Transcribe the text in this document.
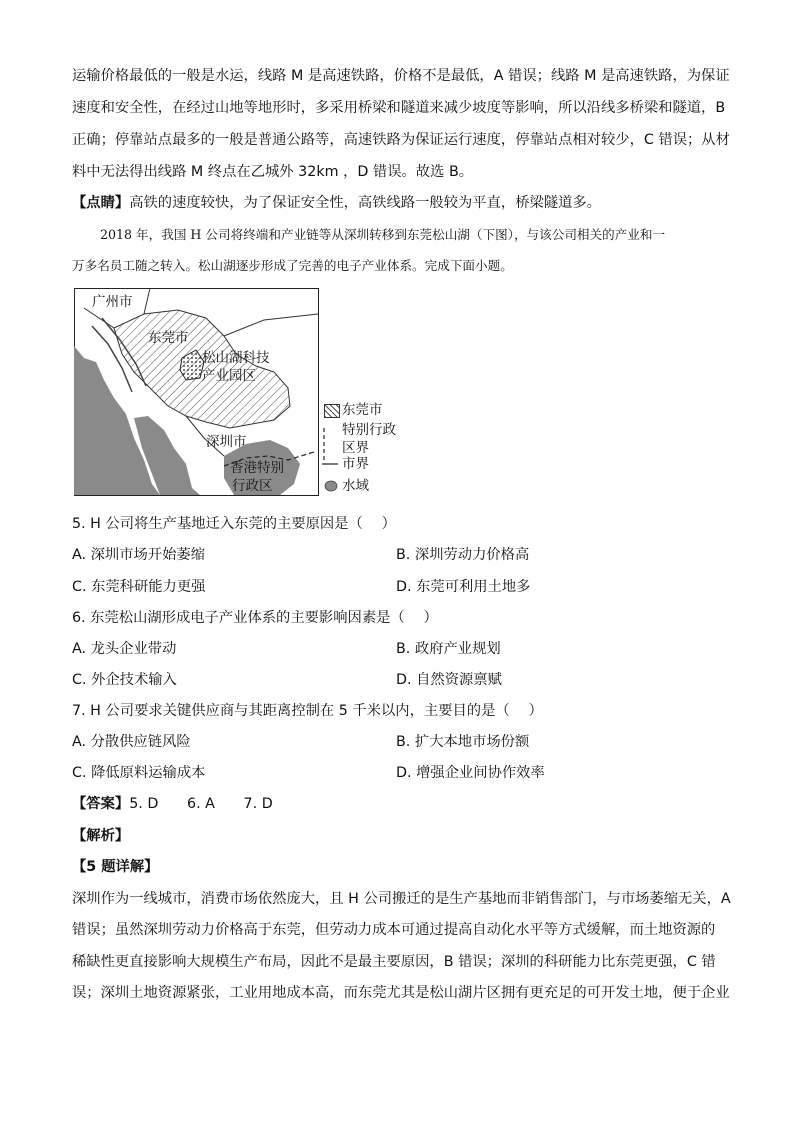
运输价格最低的一般是水运，线路 M 是高速铁路，价格不是最低，A 错误；线路 M 是高速铁路，为保证
速度和安全性，在经过山地等地形时，多采用桥梁和隧道来减少坡度等影响，所以沿线多桥梁和隧道，B
正确；停靠站点最多的一般是普通公路等，高速铁路为保证运行速度，停靠站点相对较少，C 错误；从材
料中无法得出线路 M 终点在乙城外 32km ，D 错误。故选 B。
【点睛】高铁的速度较快，为了保证安全性，高铁线路一般较为平直，桥梁隧道多。
2018 年，我国 H 公司将终端和产业链等从深圳转移到东莞松山湖（下图），与该公司相关的产业和一
万多名员工随之转入。松山湖逐步形成了完善的电子产业体系。完成下面小题。
广州市
东莞市
松山湖科技
产业园区
深圳市
香港特别
行政区
东莞市
特别行政
区界
市界
水域
5. H 公司将生产基地迁入东莞的主要原因是（　 ）
A. 深圳市场开始萎缩	B. 深圳劳动力价格高
C. 东莞科研能力更强	D. 东莞可利用土地多
6. 东莞松山湖形成电子产业体系的主要影响因素是（　 ）
A. 龙头企业带动	B. 政府产业规划
C. 外企技术输入	D. 自然资源禀赋
7. H 公司要求关键供应商与其距离控制在 5 千米以内，主要目的是（　 ）
A. 分散供应链风险	B. 扩大本地市场份额
C. 降低原料运输成本	D. 增强企业间协作效率
【答案】5. D　　6. A　　7. D
【解析】
【5 题详解】
深圳作为一线城市，消费市场依然庞大，且 H 公司搬迁的是生产基地而非销售部门，与市场萎缩无关，A
错误；虽然深圳劳动力价格高于东莞，但劳动力成本可通过提高自动化水平等方式缓解，而土地资源的
稀缺性更直接影响大规模生产布局，因此不是最主要原因，B 错误；深圳的科研能力比东莞更强，C 错
误；深圳土地资源紧张，工业用地成本高，而东莞尤其是松山湖片区拥有更充足的可开发土地，便于企业
